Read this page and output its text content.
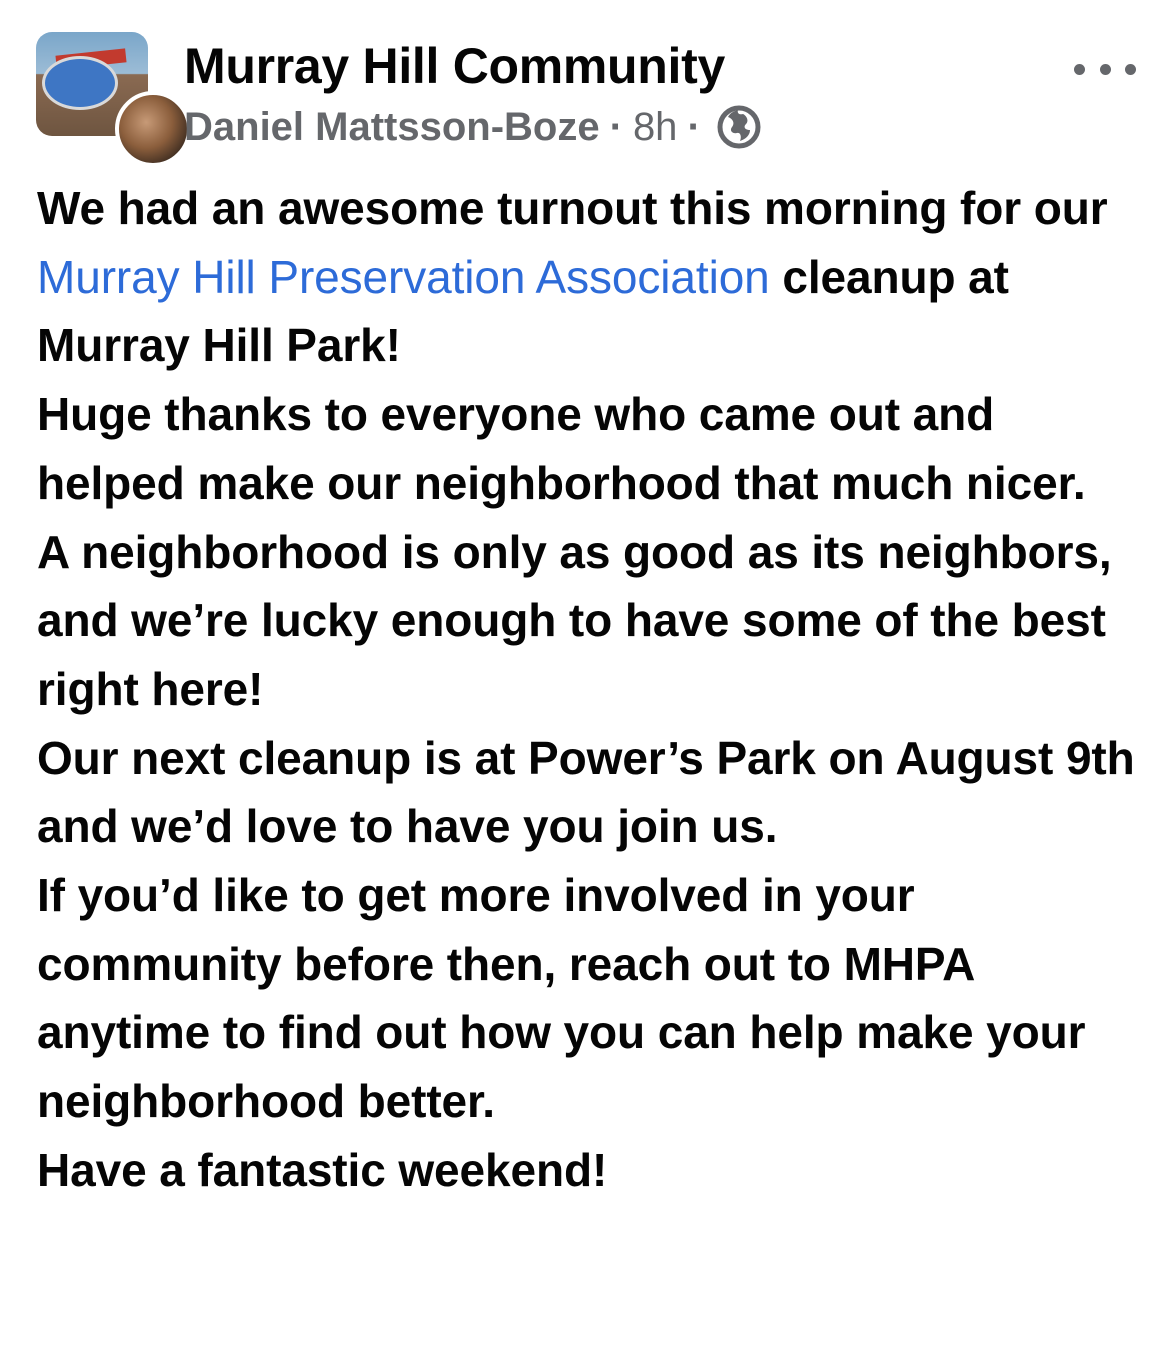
Murray Hill Community
Daniel Mattsson-Boze · 8h ·

We had an awesome turnout this morning for our Murray Hill Preservation Association cleanup at Murray Hill Park!

Huge thanks to everyone who came out and helped make our neighborhood that much nicer.

A neighborhood is only as good as its neighbors, and we’re lucky enough to have some of the best right here!

Our next cleanup is at Power’s Park on August 9th and we’d love to have you join us.

If you’d like to get more involved in your community before then, reach out to MHPA anytime to find out how you can help make your neighborhood better.

Have a fantastic weekend!
